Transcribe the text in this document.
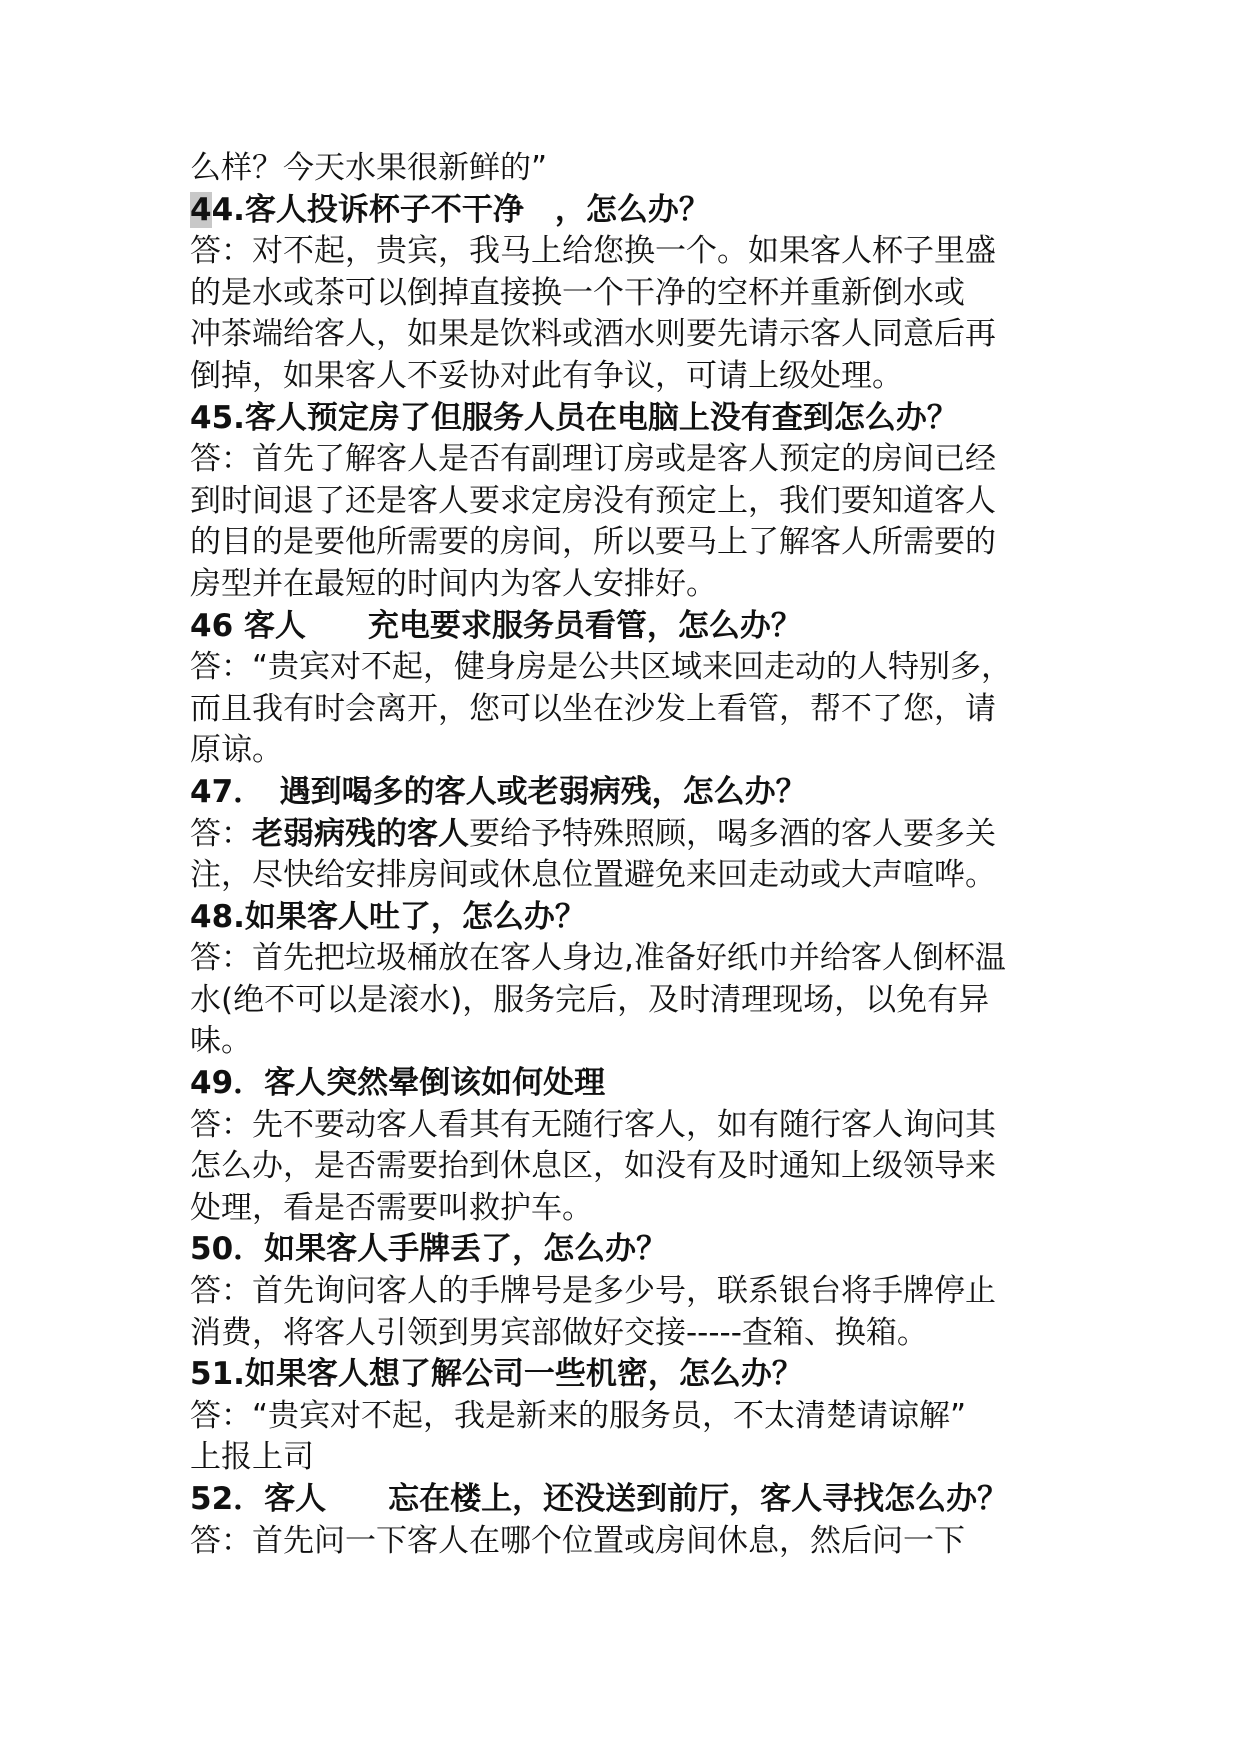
么样？今天水果很新鲜的”
44.客人投诉杯子不干净　，怎么办？
答：对不起，贵宾，我马上给您换一个。如果客人杯子里盛
的是水或茶可以倒掉直接换一个干净的空杯并重新倒水或
冲茶端给客人，如果是饮料或酒水则要先请示客人同意后再
倒掉，如果客人不妥协对此有争议，可请上级处理。
45.客人预定房了但服务人员在电脑上没有查到怎么办？
答：首先了解客人是否有副理订房或是客人预定的房间已经
到时间退了还是客人要求定房没有预定上，我们要知道客人
的目的是要他所需要的房间，所以要马上了解客人所需要的
房型并在最短的时间内为客人安排好。
46 客人　　充电要求服务员看管，怎么办？
答：“贵宾对不起，健身房是公共区域来回走动的人特别多，
而且我有时会离开，您可以坐在沙发上看管，帮不了您，请
原谅。
47．　遇到喝多的客人或老弱病残，怎么办？
答：老弱病残的客人要给予特殊照顾，喝多酒的客人要多关
注，尽快给安排房间或休息位置避免来回走动或大声喧哗。
48.如果客人吐了，怎么办？
答：首先把垃圾桶放在客人身边,准备好纸巾并给客人倒杯温
水(绝不可以是滚水)，服务完后，及时清理现场，以免有异
味。
49．客人突然晕倒该如何处理
答：先不要动客人看其有无随行客人，如有随行客人询问其
怎么办，是否需要抬到休息区，如没有及时通知上级领导来
处理，看是否需要叫救护车。
50．如果客人手牌丢了，怎么办？
答：首先询问客人的手牌号是多少号，联系银台将手牌停止
消费，将客人引领到男宾部做好交接-----查箱、换箱。
51.如果客人想了解公司一些机密，怎么办？
答：“贵宾对不起，我是新来的服务员，不太清楚请谅解”
上报上司
52．客人　　忘在楼上，还没送到前厅，客人寻找怎么办？
答：首先问一下客人在哪个位置或房间休息，然后问一下
